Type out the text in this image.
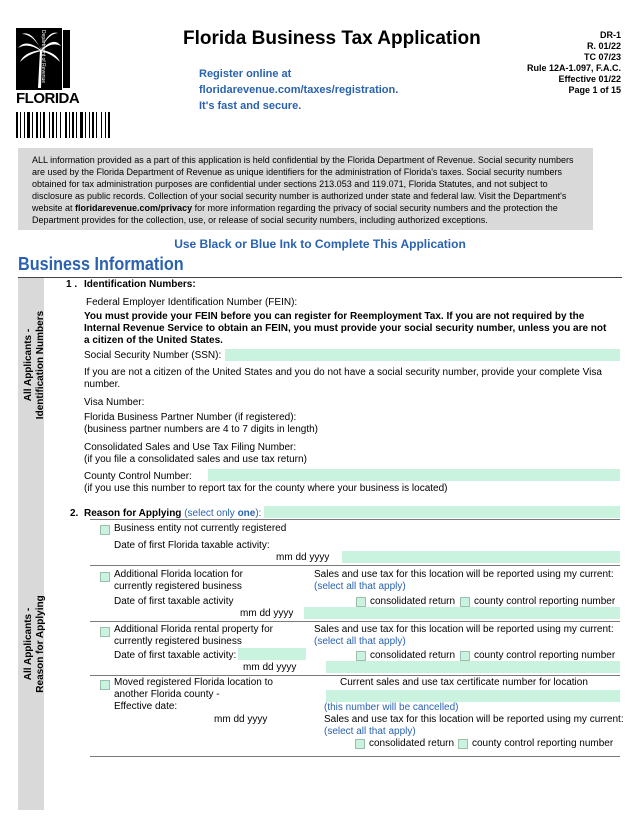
FLORIDA
Department of Revenue	Florida Business Tax Application
Register online at
floridarevenue.com/taxes/registration.
It's fast and secure.
DR-1
R. 01/22
TC 07/23
Rule 12A-1.097, F.A.C.
Effective 01/22
Page 1 of 15
ALL information provided as a part of this application is held confidential by the Florida Department of Revenue. Social security numbers are used by the Florida Department of Revenue as unique identifiers for the administration of Florida's taxes. Social security numbers obtained for tax administration purposes are confidential under sections 213.053 and 119.071, Florida Statutes, and not subject to disclosure as public records. Collection of your social security number is authorized under state and federal law. Visit the Department's website at floridarevenue.com/privacy for more information regarding the privacy of social security numbers and the protection the Department provides for the collection, use, or release of social security numbers, including authorized exceptions.
Use Black or Blue Ink to Complete This Application
Business Information
All Applicants - Identification Numbers
All Applicants - Reason for Applying
1 . Identification Numbers:
Federal Employer Identification Number (FEIN):
You must provide your FEIN before you can register for Reemployment Tax. If you are not required by the Internal Revenue Service to obtain an FEIN, you must provide your social security number, unless you are not a citizen of the United States.
Social Security Number (SSN):
If you are not a citizen of the United States and you do not have a social security number, provide your complete Visa number.
Visa Number:
Florida Business Partner Number (if registered):
(business partner numbers are 4 to 7 digits in length)
Consolidated Sales and Use Tax Filing Number:
(if you file a consolidated sales and use tax return)
County Control Number:
(if you use this number to report tax for the county where your business is located)
2. Reason for Applying (select only one):
Business entity not currently registered
Date of first Florida taxable activity:
mm dd yyyy
Additional Florida location for
currently registered business
Sales and use tax for this location will be reported using my current:
(select all that apply)
Date of first taxable activity	consolidated return county control reporting number
mm dd yyyy
Additional Florida rental property for
currently registered business
Sales and use tax for this location will be reported using my current:
(select all that apply)
Date of first taxable activity:	consolidated return county control reporting number
mm dd yyyy
Moved registered Florida location to
another Florida county -
Effective date:
mm dd yyyy
Current sales and use tax certificate number for location
(this number will be cancelled)
Sales and use tax for this location will be reported using my current:
(select all that apply)
consolidated return county control reporting number
